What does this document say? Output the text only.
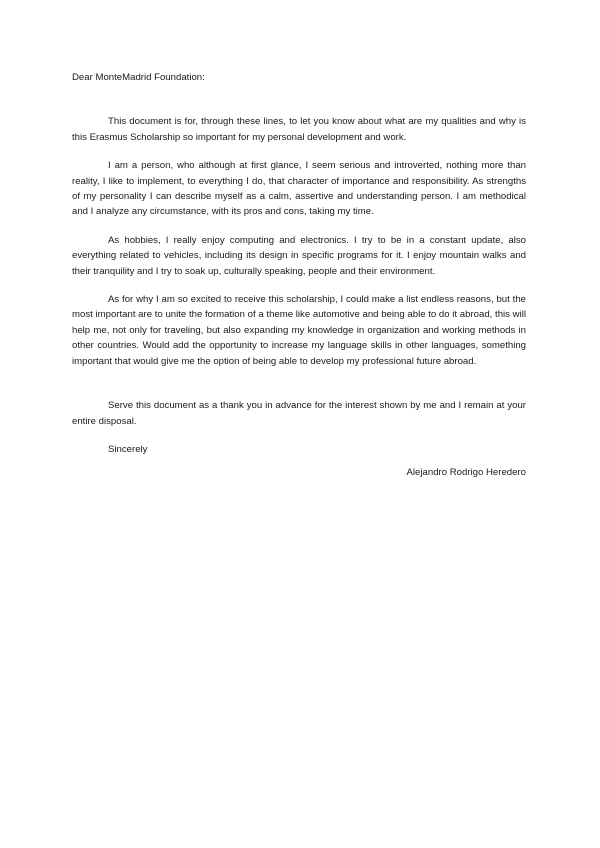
Dear MonteMadrid Foundation:

This document is for, through these lines, to let you know about what are my qualities and why is this Erasmus Scholarship so important for my personal development and work.

I am a person, who although at first glance, I seem serious and introverted, nothing more than reality, I like to implement, to everything I do, that character of importance and responsibility. As strengths of my personality I can describe myself as a calm, assertive and understanding person. I am methodical and I analyze any circumstance, with its pros and cons, taking my time.

As hobbies, I really enjoy computing and electronics. I try to be in a constant update, also everything related to vehicles, including its design in specific programs for it. I enjoy mountain walks and their tranquility and I try to soak up, culturally speaking, people and their environment.

As for why I am so excited to receive this scholarship, I could make a list endless reasons, but the most important are to unite the formation of a theme like automotive and being able to do it abroad, this will help me, not only for traveling, but also expanding my knowledge in organization and working methods in other countries. Would add the opportunity to increase my language skills in other languages, something important that would give me the option of being able to develop my professional future abroad.

Serve this document as a thank you in advance for the interest shown by me and I remain at your entire disposal.

Sincerely

Alejandro Rodrigo Heredero
